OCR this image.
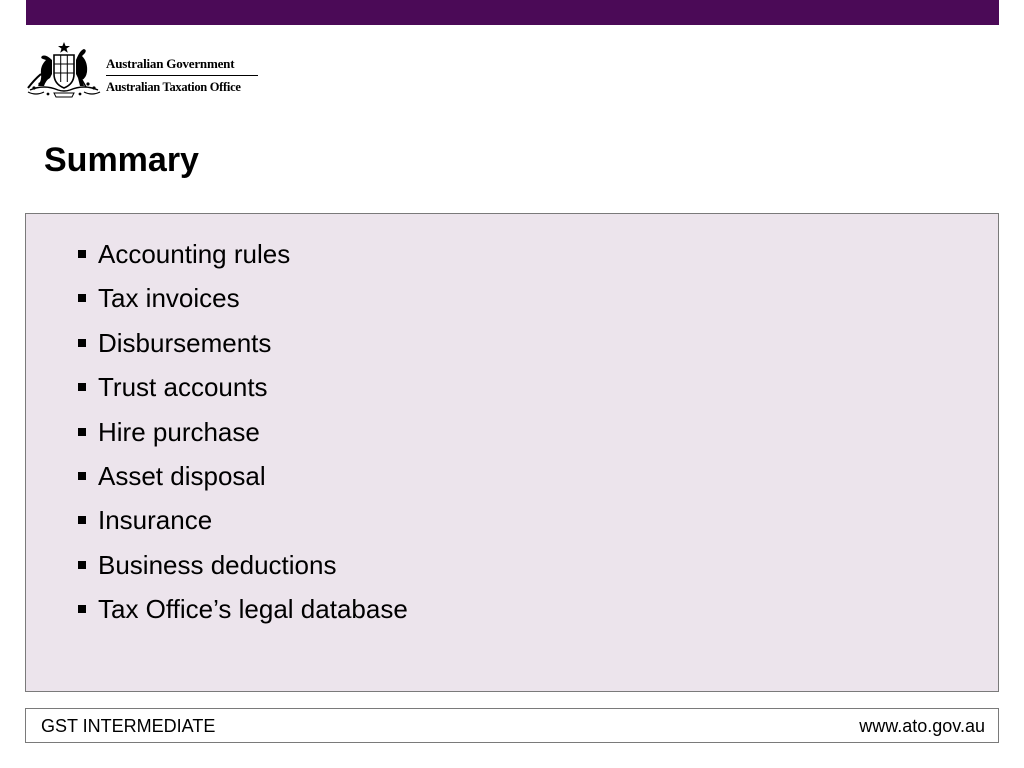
Australian Government
Australian Taxation Office
Summary
Accounting rules
Tax invoices
Disbursements
Trust accounts
Hire purchase
Asset disposal
Insurance
Business deductions
Tax Office’s legal database
GST INTERMEDIATE	www.ato.gov.au
